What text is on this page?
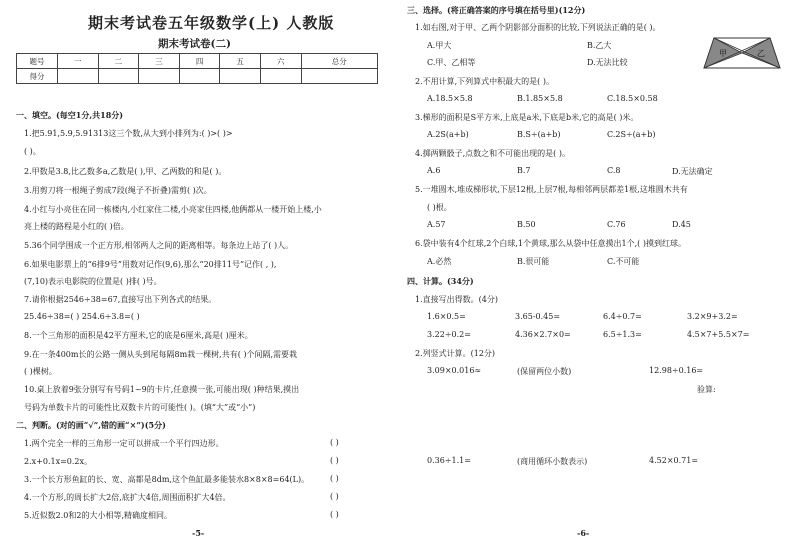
期末考试卷五年级数学(上) 人教版
期末考试卷(二)
题号	一	二	三	四	五	六	总分
得分							
一、填空。(每空1分,共18分)
1.把5.91,5.9,5.91313这三个数,从大到小排列为:( )>( )>
( )。
2.甲数是3.8,比乙数多a,乙数是( ),甲、乙两数的和是( )。
3.用剪刀将一根绳子剪成7段(绳子不折叠)需剪( )次。
4.小红与小亮住在同一栋楼内,小红家住二楼,小亮家住四楼,他俩都从一楼开始上楼,小
亮上楼的路程是小红的( )倍。
5.36个同学围成一个正方形,相邻两人之间的距离相等。每条边上站了( )人。
6.如果电影票上的“6排9号”用数对记作(9,6),那么“20排11号”记作( , ),
(7,10)表示电影院的位置是( )排( )号。
7.请你根据2546÷38=67,直接写出下列各式的结果。
25.46÷38=( ) 254.6÷3.8=( )
8.一个三角形的面积是42平方厘米,它的底是6厘米,高是( )厘米。
9.在一条400m长的公路一侧从头到尾每隔8m栽一棵树,共有( )个间隔,需要栽
( )棵树。
10.桌上放着9张分别写有号码1~9的卡片,任意摸一张,可能出现( )种结果,摸出
号码为单数卡片的可能性比双数卡片的可能性( )。(填“大”或“小”)
二、判断。(对的画“√”,错的画“×”)(5分)
1.两个完全一样的三角形一定可以拼成一个平行四边形。	( )
2.x+0.1x=0.2x。	( )
3.一个长方形鱼缸的长、宽、高都是8dm,这个鱼缸最多能装水8×8×8=64(L)。	( )
4.一个方形,的周长扩大2倍,底扩大4倍,周围面积扩大4倍。	( )
5.近似数2.0和2的大小相等,精确度相同。	( )
-5-
三、选择。(将正确答案的序号填在括号里)(12分)
1.如右图,对于甲、乙两个阴影部分面积的比较,下列说法正确的是( )。
A.甲大	B.乙大
C.甲、乙相等	D.无法比较
甲	乙
2.不用计算,下列算式中积最大的是( )。
A.18.5×5.8	B.1.85×5.8	C.18.5×0.58
3.梯形的面积是S平方米,上底是a米,下底是b米,它的高是( )米。
A.2S(a+b)	B.S÷(a+b)	C.2S÷(a+b)
4.掷两颗骰子,点数之和不可能出现的是( )。
A.6	B.7	C.8	D.无法确定
5.一堆圆木,堆成梯形状,下层12根,上层7根,每相邻两层都差1根,这堆圆木共有
( )根。
A.57	B.50	C.76	D.45
6.袋中装有4个红球,2个白球,1个黄球,那么从袋中任意摸出1个,( )摸到红球。
A.必然	B.很可能	C.不可能
四、计算。(34分)
1.直接写出得数。(4分)
1.6×0.5=	3.65-0.45=	6.4÷0.7=	3.2×9+3.2=
3.22÷0.2=	4.36×2.7×0=	6.5÷1.3=	4.5×7+5.5×7=
2.列竖式计算。(12分)
3.09×0.016≈	(保留两位小数)	12.98÷0.16=
验算:
0.36÷1.1=	(商用循环小数表示)	4.52×0.71=
-6-
